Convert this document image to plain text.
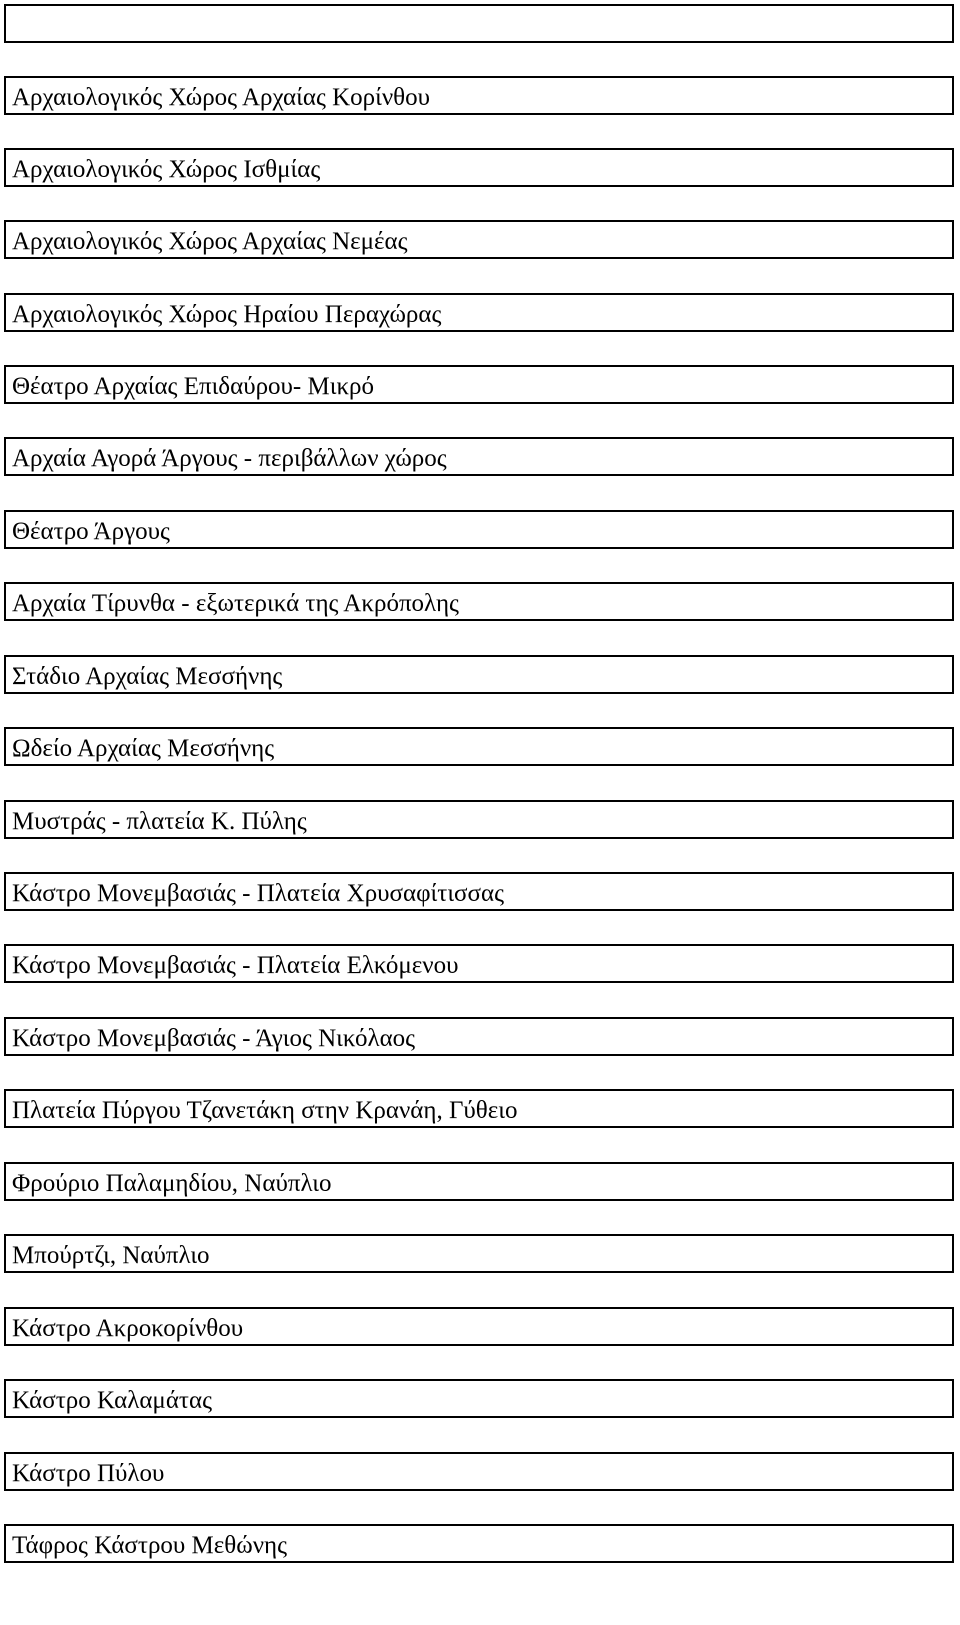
Αρχαιολογικός Χώρος Αρχαίας Κορίνθου
Αρχαιολογικός Χώρος Ισθμίας
Αρχαιολογικός Χώρος Αρχαίας Νεμέας
Αρχαιολογικός Χώρος Ηραίου Περαχώρας
Θέατρο Αρχαίας Επιδαύρου- Μικρό
Αρχαία Αγορά Άργους - περιβάλλων χώρος
Θέατρο Άργους
Αρχαία Τίρυνθα - εξωτερικά της Ακρόπολης
Στάδιο Αρχαίας Μεσσήνης
Ωδείο Αρχαίας Μεσσήνης
Μυστράς - πλατεία Κ. Πύλης
Κάστρο Μονεμβασιάς - Πλατεία Χρυσαφίτισσας
Κάστρο Μονεμβασιάς - Πλατεία Ελκόμενου
Κάστρο Μονεμβασιάς - Άγιος Νικόλαος
Πλατεία Πύργου Τζανετάκη στην Κρανάη, Γύθειο
Φρούριο Παλαμηδίου, Ναύπλιο
Μπούρτζι, Ναύπλιο
Κάστρο Ακροκορίνθου
Κάστρο Καλαμάτας
Κάστρο Πύλου
Τάφρος Κάστρου Μεθώνης
